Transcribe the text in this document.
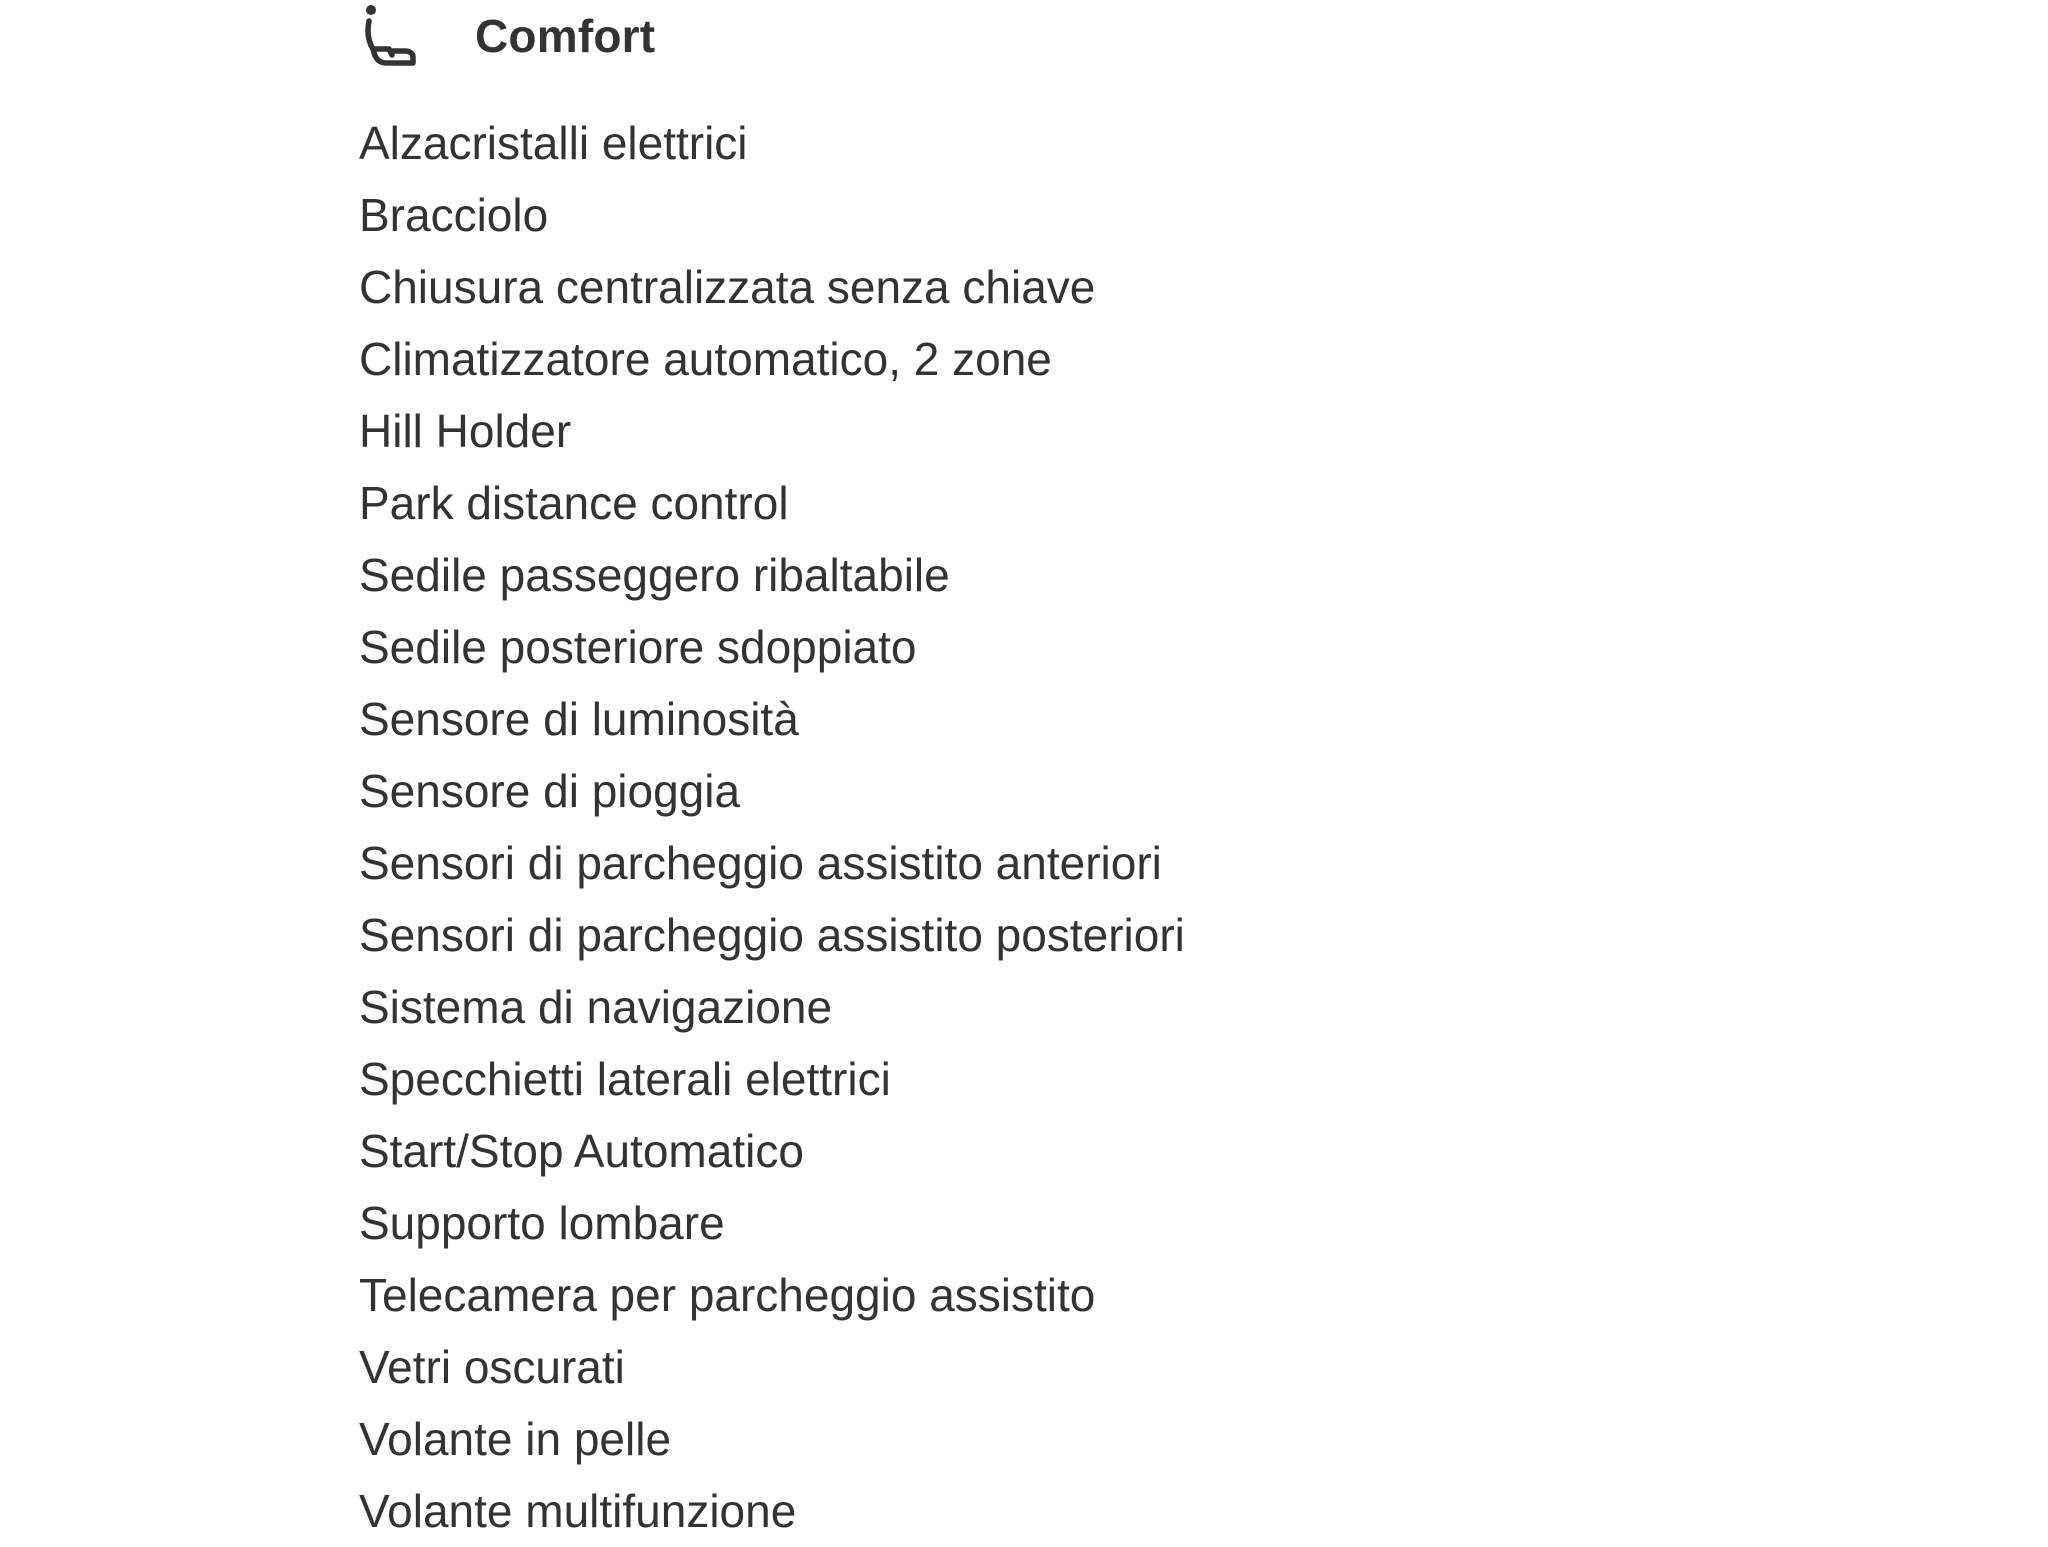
Comfort
Alzacristalli elettrici
Bracciolo
Chiusura centralizzata senza chiave
Climatizzatore automatico, 2 zone
Hill Holder
Park distance control
Sedile passeggero ribaltabile
Sedile posteriore sdoppiato
Sensore di luminosità
Sensore di pioggia
Sensori di parcheggio assistito anteriori
Sensori di parcheggio assistito posteriori
Sistema di navigazione
Specchietti laterali elettrici
Start/Stop Automatico
Supporto lombare
Telecamera per parcheggio assistito
Vetri oscurati
Volante in pelle
Volante multifunzione
